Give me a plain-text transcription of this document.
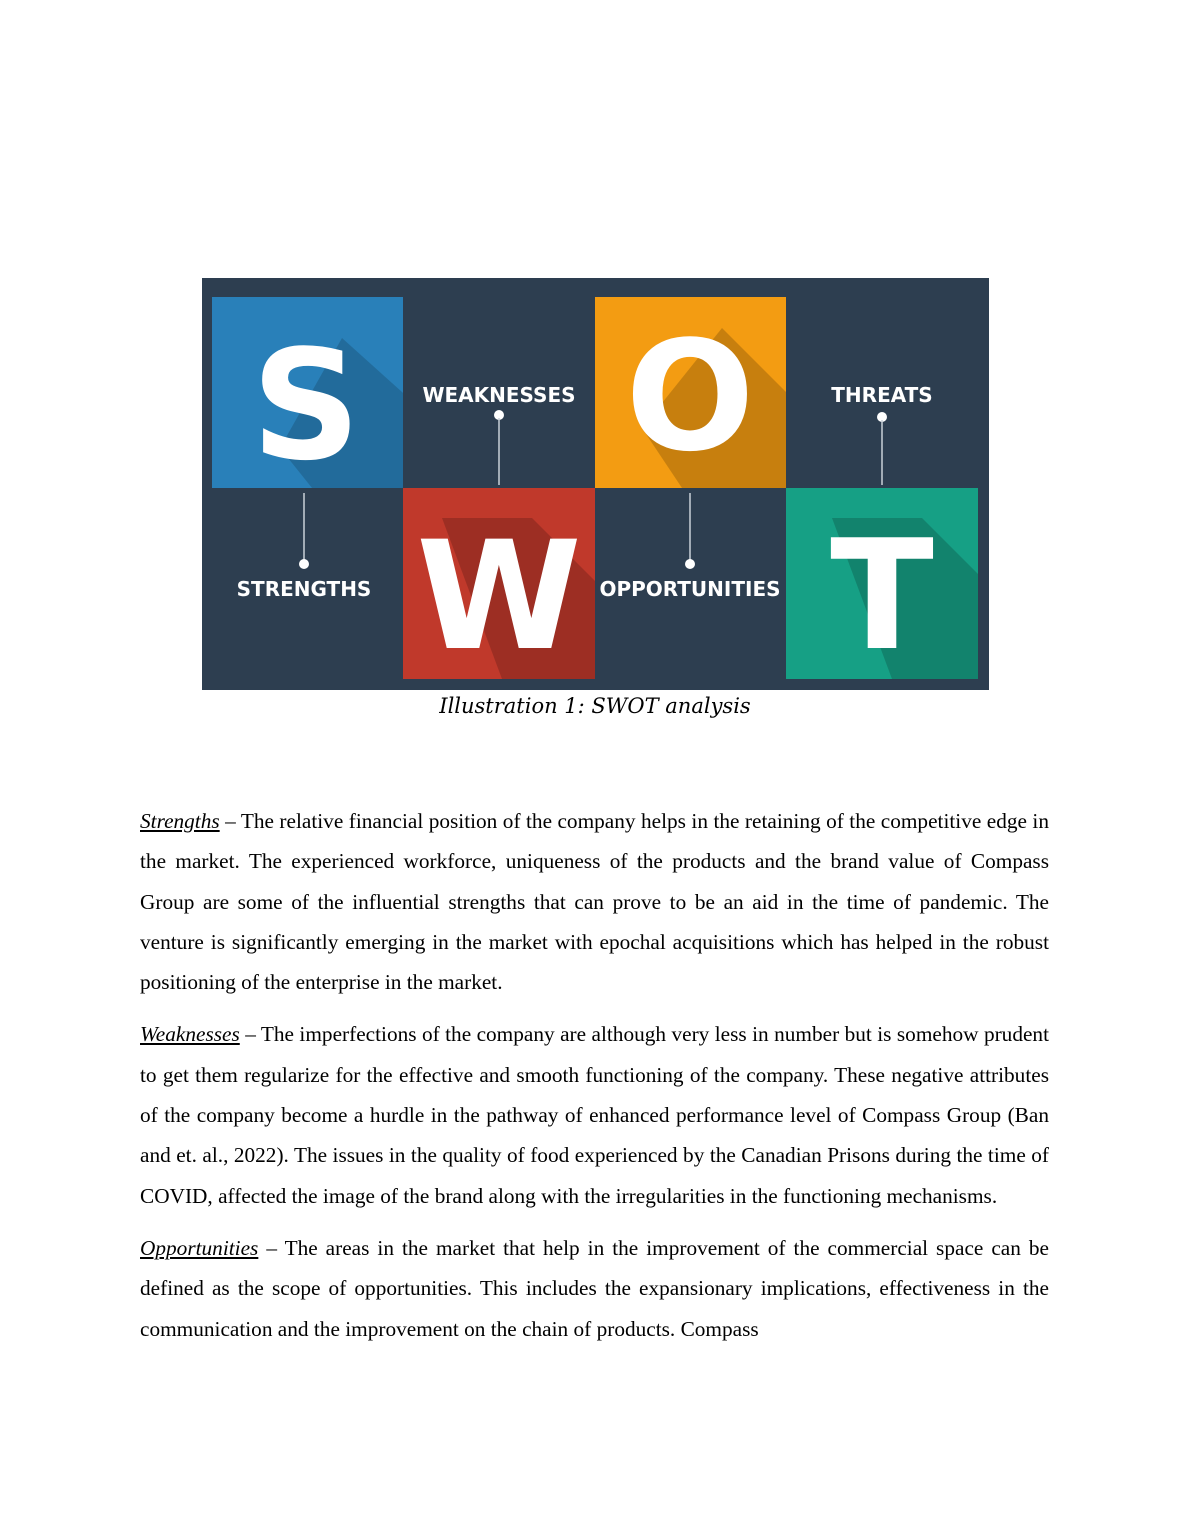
S O
W T
WEAKNESSES	THREATS
STRENGTHS	OPPORTUNITIES
Illustration 1: SWOT analysis

Strengths – The relative financial position of the company helps in the retaining of the competitive edge in the market. The experienced workforce, uniqueness of the products and the brand value of Compass Group are some of the influential strengths that can prove to be an aid in the time of pandemic. The venture is significantly emerging in the market with epochal acquisitions which has helped in the robust positioning of the enterprise in the market.

Weaknesses – The imperfections of the company are although very less in number but is somehow prudent to get them regularize for the effective and smooth functioning of the company. These negative attributes of the company become a hurdle in the pathway of enhanced performance level of Compass Group (Ban and et. al., 2022). The issues in the quality of food experienced by the Canadian Prisons during the time of COVID, affected the image of the brand along with the irregularities in the functioning mechanisms.

Opportunities – The areas in the market that help in the improvement of the commercial space can be defined as the scope of opportunities. This includes the expansionary implications, effectiveness in the communication and the improvement on the chain of products. Compass
